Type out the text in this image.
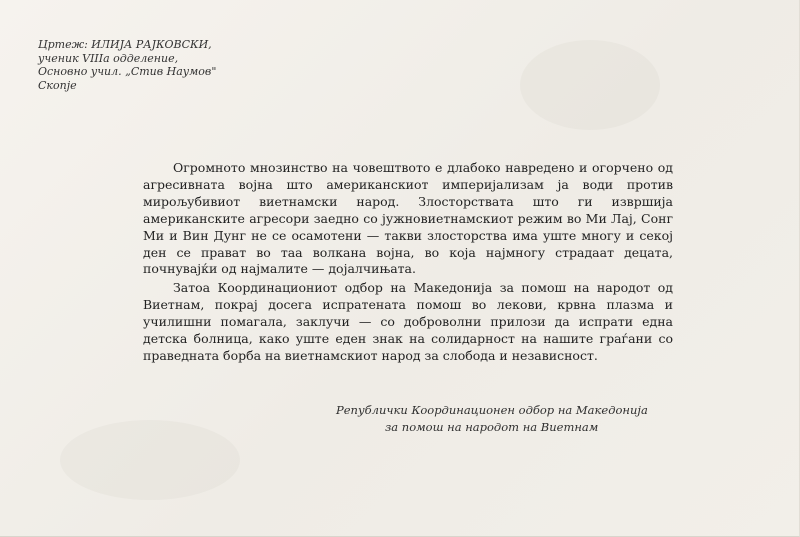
Цртеж: ИЛИЈА РАЈКОВСКИ,
ученик VIIIа одделение,
Основно учил. „Стив Наумов"
Скопје

Огромното мнозинство на човештвото е длабоко навредено и огорчено од агресивната војна што американскиот империјализам ја води против мирољубивиот виетнамски народ. Злосторствата што ги извршија американските агресори заедно со јужновиетнамскиот режим во Ми Лај, Сонг Ми и Вин Дунг не се осамотени — такви злосторства има уште многу и секој ден се прават во таа волкана војна, во која најмногу страдаат децата, почнувајќи од најмалите — доjaлчињата.

Затоа Координациониот одбор на Македонија за помош на народот од Виетнам, покрај досега испратената помош во лекови, крвна плазма и училишни помагала, заклучи — со доброволни прилози да испрати една детска болница, како уште еден знак на солидарност на нашите граѓани со праведната борба на виетнамскиот народ за слобода и независност.

Републички Координационен одбор на Македонија
за помош на народот на Виетнам
